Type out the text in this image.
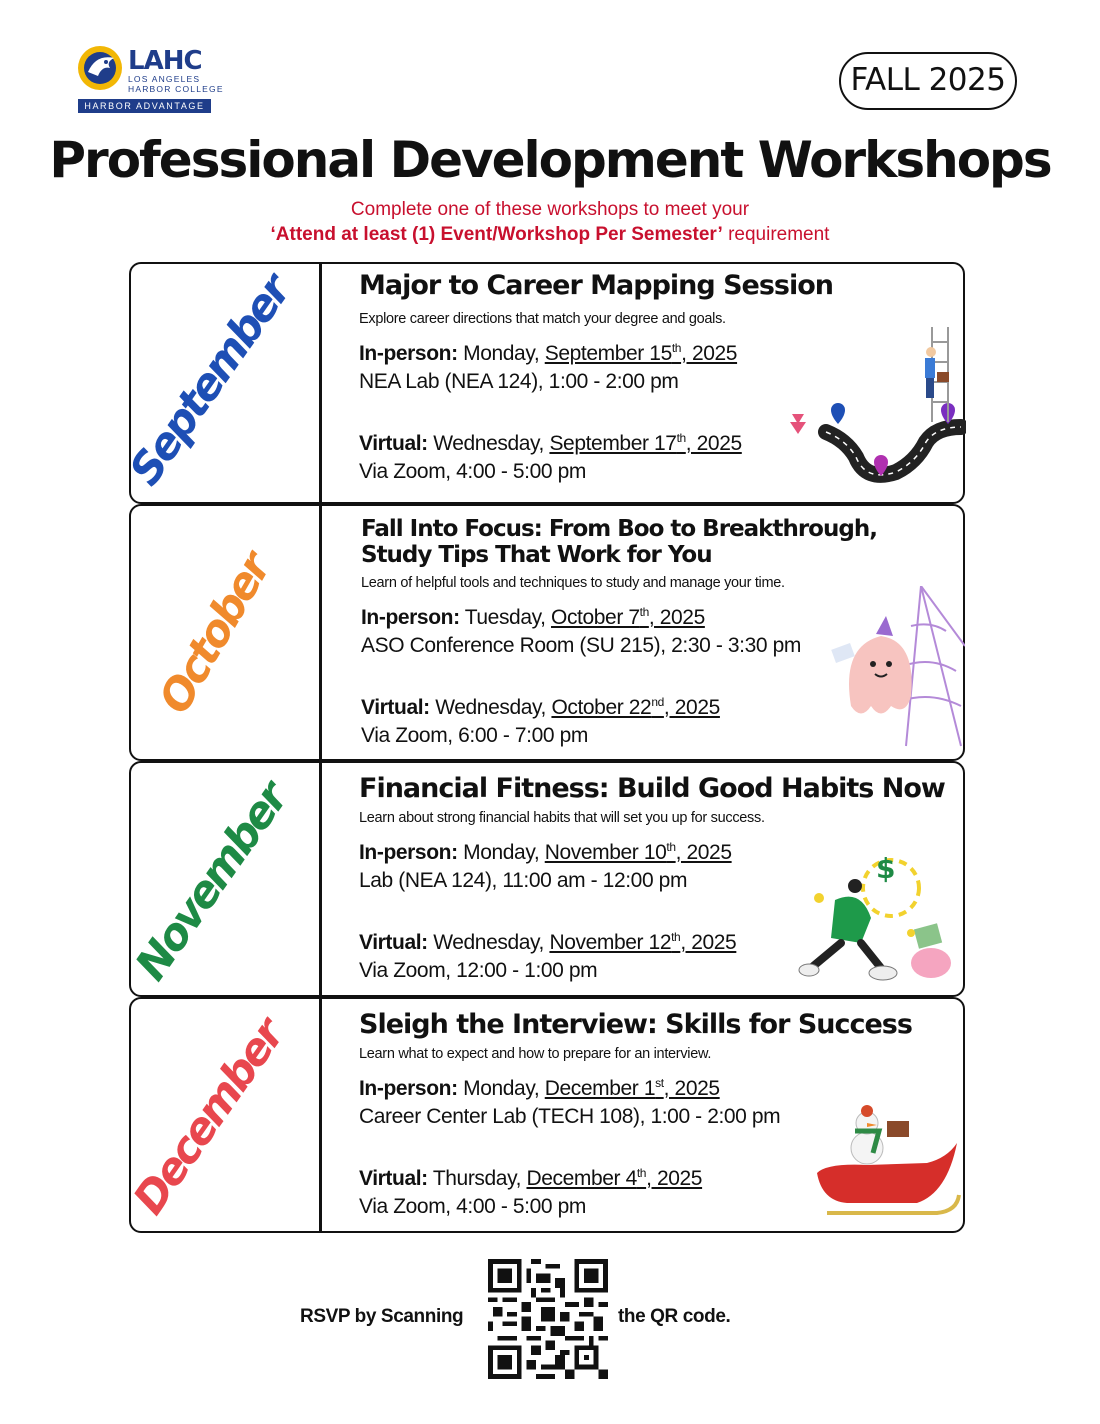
LAHC
LOS ANGELES
HARBOR COLLEGE
HARBOR ADVANTAGE
FALL 2025
Professional Development Workshops
Complete one of these workshops to meet your
‘Attend at least (1) Event/Workshop Per Semester’ requirement
September Major to Career Mapping Session
Explore career directions that match your degree and goals.
In-person: Monday, September 15th, 2025
NEA Lab (NEA 124), 1:00 - 2:00 pm
Virtual: Wednesday, September 17th, 2025
Via Zoom, 4:00 - 5:00 pm
October
Fall Into Focus: From Boo to Breakthrough,
Study Tips That Work for You
Learn of helpful tools and techniques to study and manage your time.
In-person: Tuesday, October 7th, 2025
ASO Conference Room (SU 215), 2:30 - 3:30 pm
Virtual: Wednesday, October 22nd, 2025
Via Zoom, 6:00 - 7:00 pm
November Financial Fitness: Build Good Habits Now
Learn about strong financial habits that will set you up for success.
In-person: Monday, November 10th, 2025
Lab (NEA 124), 11:00 am - 12:00 pm
Virtual: Wednesday, November 12th, 2025
Via Zoom, 12:00 - 1:00 pm
$
December Sleigh the Interview: Skills for Success
Learn what to expect and how to prepare for an interview.
In-person: Monday, December 1st, 2025
Career Center Lab (TECH 108), 1:00 - 2:00 pm
Virtual: Thursday, December 4th, 2025
Via Zoom, 4:00 - 5:00 pm
RSVP by Scanning	the QR code.
